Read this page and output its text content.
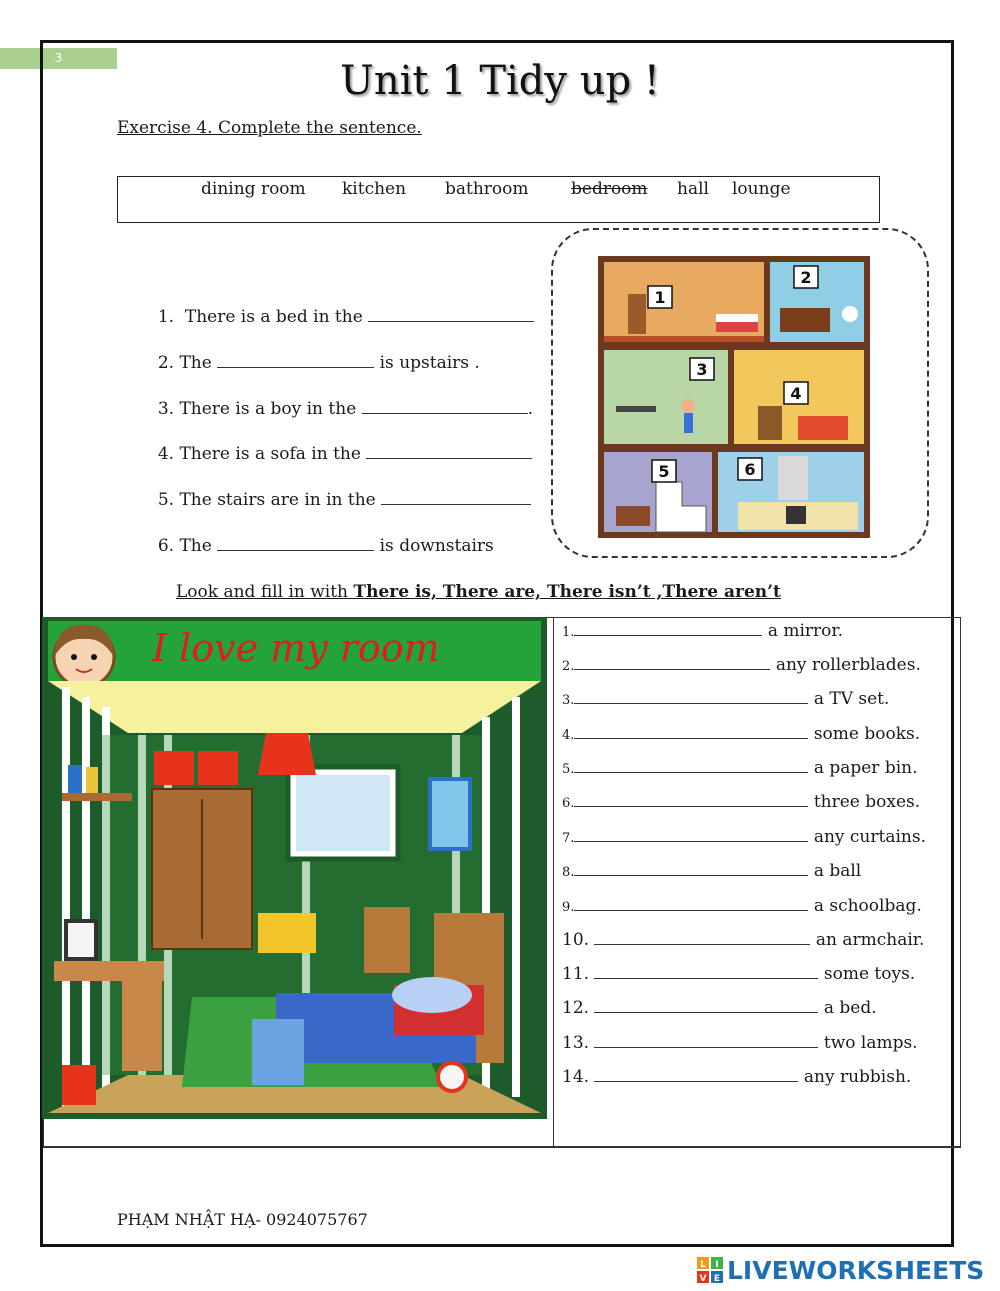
3	Unit 1 Tidy up !
Exercise 4. Complete the sentence.
dining room kitchen bathroom bedroom hall lounge

1. There is a bed in the

2. The	is upstairs .

3. There is a boy in the	.

4. There is a sofa in the

5. The stairs are in in the

6. The	is downstairs

1
2
3
4
5	6
Look and fill in with There is, There are, There isn’t ,There aren’t
I love my room	1.	a mirror.
2.	any rollerblades.
3.	a TV set.
4.	some books.
5.	a paper bin.
6.	three boxes.
7.	any curtains.
8.	a ball
9.	a schoolbag.
10.	an armchair.
11.	some toys.
12.	a bed.
13.	two lamps.
14.	any rubbish.
PHẠM NHẬT HẠ- 0924075767
L I
V E LIVEWORKSHEETS
